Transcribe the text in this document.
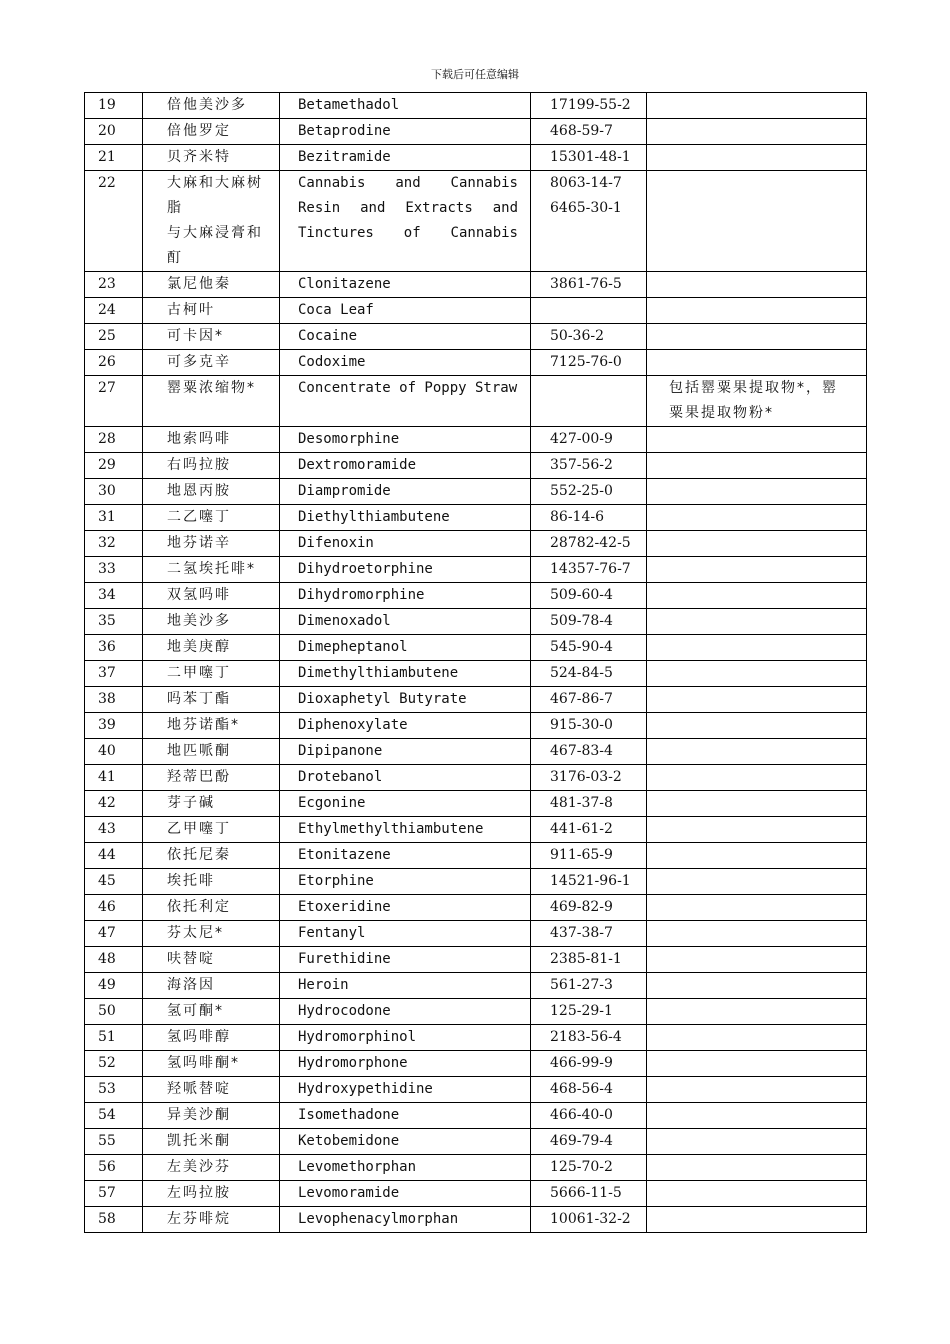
下载后可任意编辑
19	倍他美沙多	Betamethadol	17199-55-2	

20	倍他罗定	Betaprodine	468-59-7	

21	贝齐米特	Bezitramide	15301-48-1	

22	大麻和大麻树
脂
与大麻浸膏和
酊	Cannabis and Cannabis
Resin and Extracts and
Tinctures of Cannabis	8063-14-7
6465-30-1	

23	氯尼他秦	Clonitazene	3861-76-5	

24	古柯叶	Coca Leaf		

25	可卡因*	Cocaine	50-36-2	

26	可多克辛	Codoxime	7125-76-0	

27	罂粟浓缩物*	Concentrate of Poppy Straw		包括罂粟果提取物*，罂
粟果提取物粉*

28	地索吗啡	Desomorphine	427-00-9	

29	右吗拉胺	Dextromoramide	357-56-2	

30	地恩丙胺	Diampromide	552-25-0	

31	二乙噻丁	Diethylthiambutene	86-14-6	

32	地芬诺辛	Difenoxin	28782-42-5	

33	二氢埃托啡*	Dihydroetorphine	14357-76-7	

34	双氢吗啡	Dihydromorphine	509-60-4	

35	地美沙多	Dimenoxadol	509-78-4	

36	地美庚醇	Dimepheptanol	545-90-4	

37	二甲噻丁	Dimethylthiambutene	524-84-5	

38	吗苯丁酯	Dioxaphetyl Butyrate	467-86-7	

39	地芬诺酯*	Diphenoxylate	915-30-0	

40	地匹哌酮	Dipipanone	467-83-4	

41	羟蒂巴酚	Drotebanol	3176-03-2	

42	芽子碱	Ecgonine	481-37-8	

43	乙甲噻丁	Ethylmethylthiambutene	441-61-2	

44	依托尼秦	Etonitazene	911-65-9	

45	埃托啡	Etorphine	14521-96-1	

46	依托利定	Etoxeridine	469-82-9	

47	芬太尼*	Fentanyl	437-38-7	

48	呋替啶	Furethidine	2385-81-1	

49	海洛因	Heroin	561-27-3	

50	氢可酮*	Hydrocodone	125-29-1	

51	氢吗啡醇	Hydromorphinol	2183-56-4	

52	氢吗啡酮*	Hydromorphone	466-99-9	

53	羟哌替啶	Hydroxypethidine	468-56-4	

54	异美沙酮	Isomethadone	466-40-0	

55	凯托米酮	Ketobemidone	469-79-4	

56	左美沙芬	Levomethorphan	125-70-2	

57	左吗拉胺	Levomoramide	5666-11-5	

58	左芬啡烷	Levophenacylmorphan	10061-32-2	
